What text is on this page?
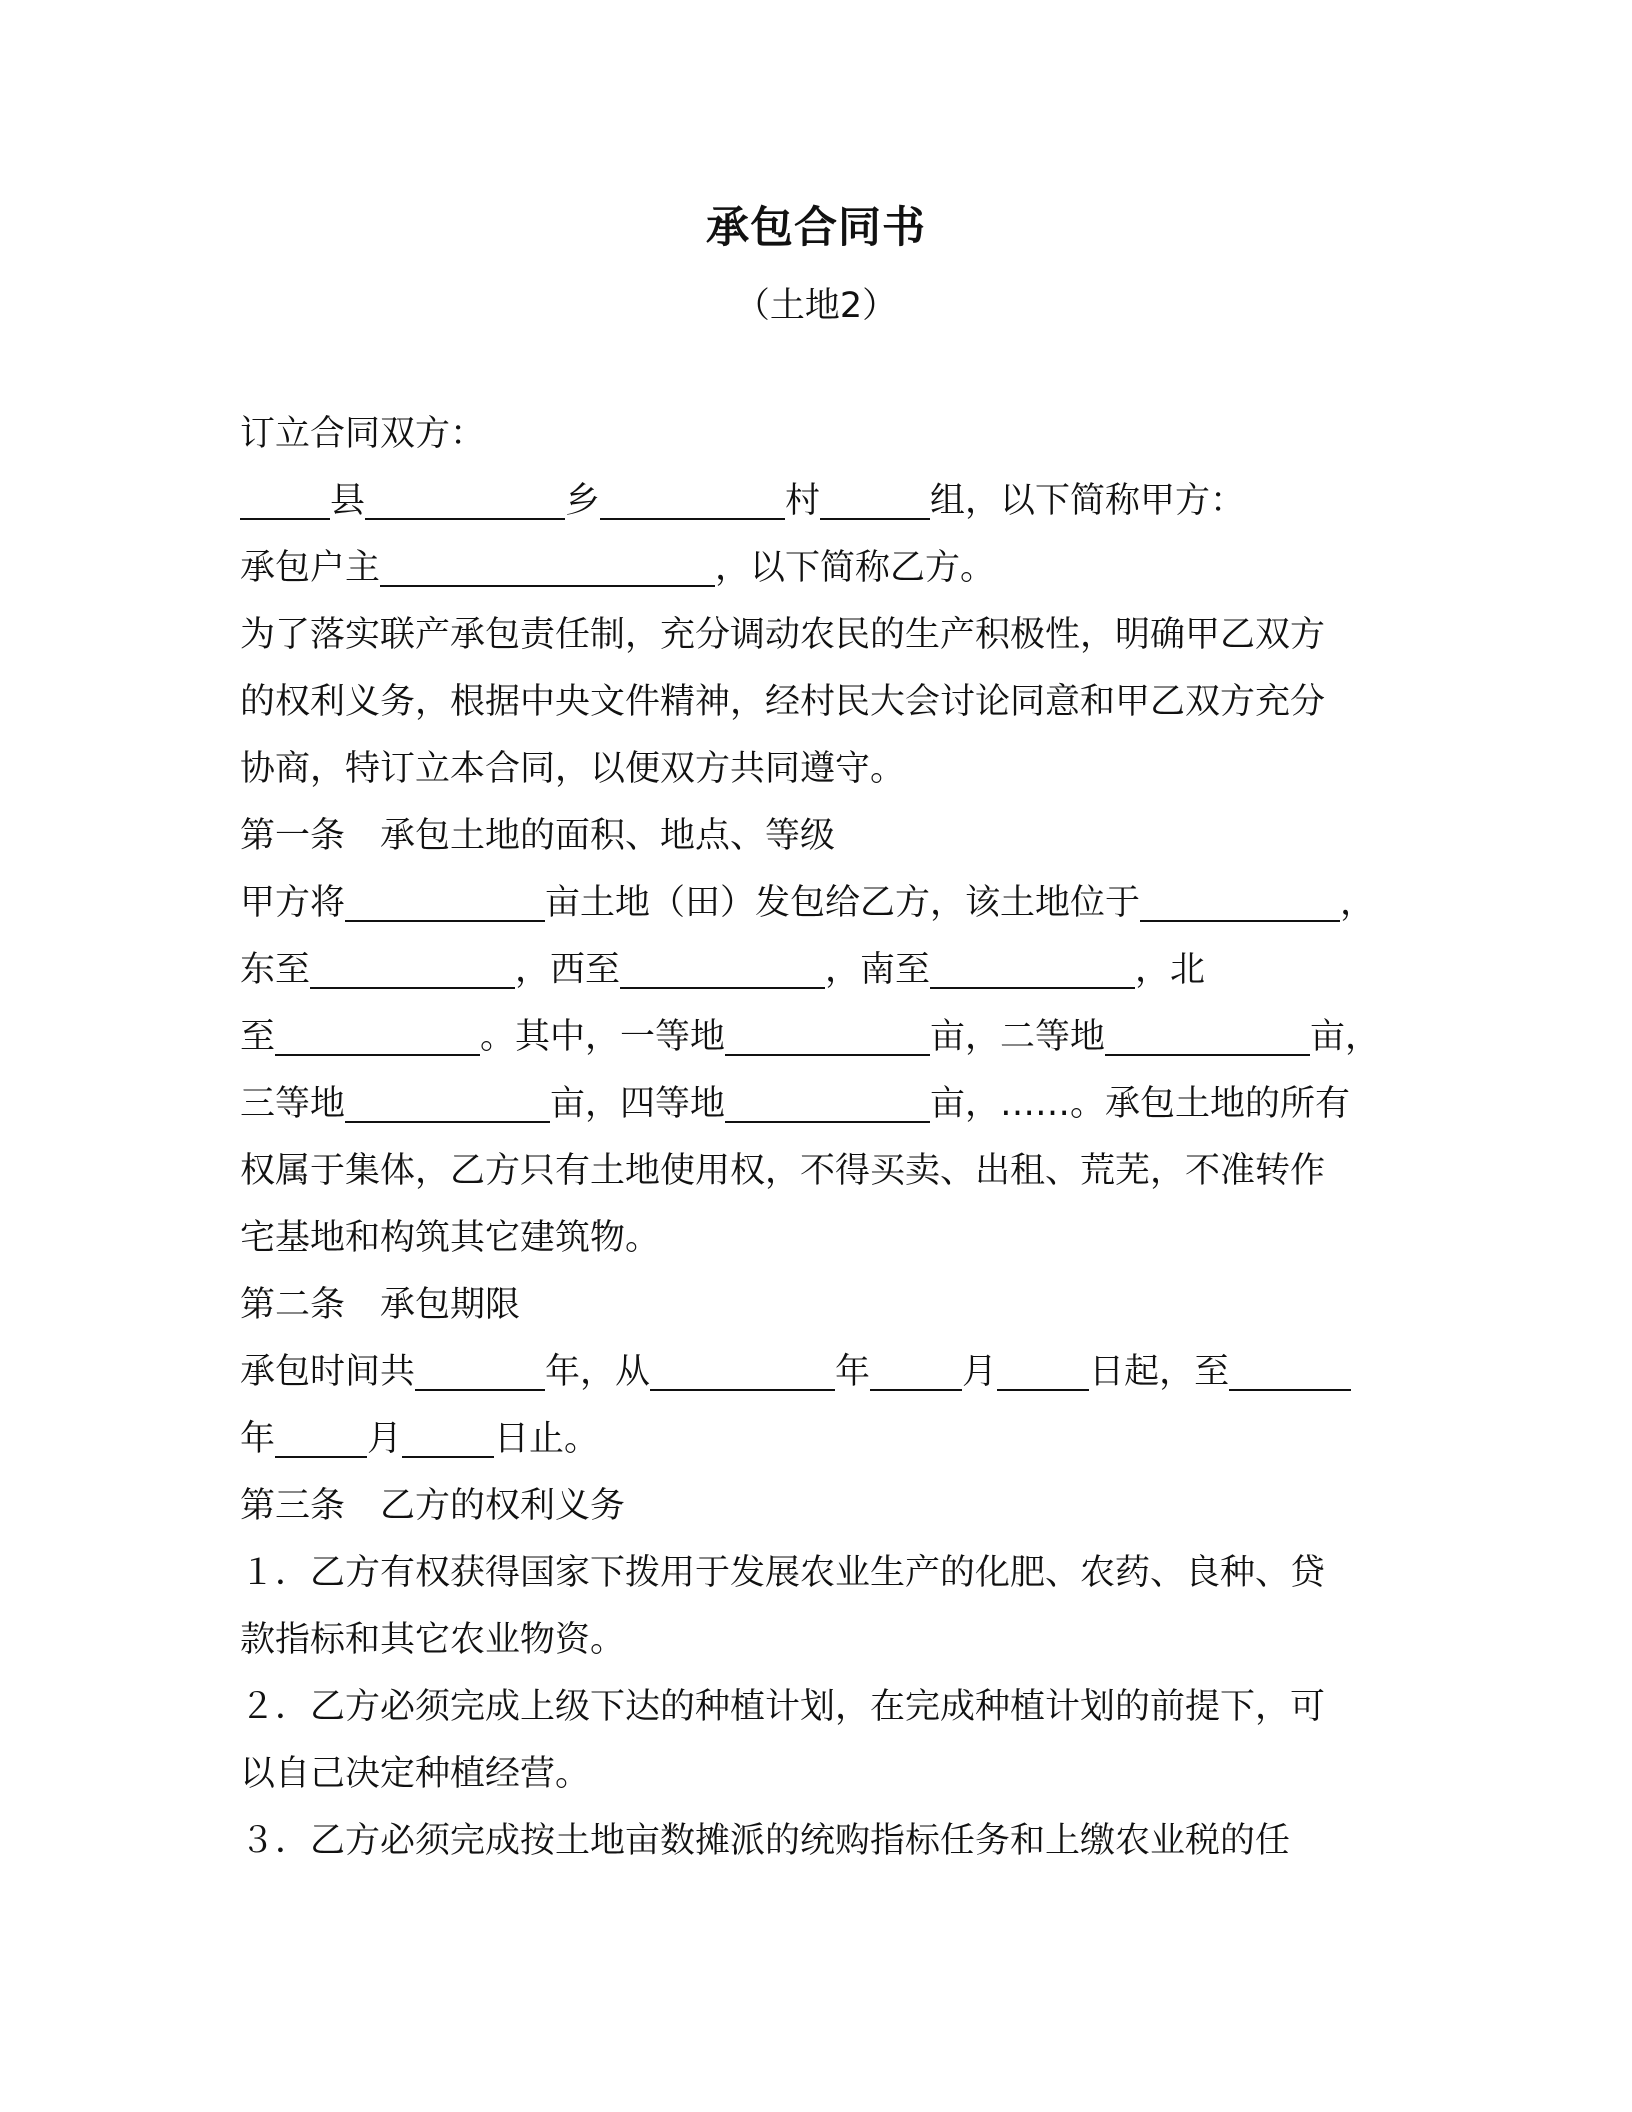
承包合同书
（土地2）
订立合同双方：
县	乡	村	组，以下简称甲方：
承包户主	，以下简称乙方。
为了落实联产承包责任制，充分调动农民的生产积极性，明确甲乙双方
的权利义务，根据中央文件精神，经村民大会讨论同意和甲乙双方充分
协商，特订立本合同，以便双方共同遵守。
第一条 承包土地的面积、地点、等级
甲方将	亩土地（田）发包给乙方，该土地位于	，
东至	，西至	，南至	，北
至	。其中，一等地	亩，二等地	亩，
三等地	亩，四等地	亩，……。承包土地的所有
权属于集体，乙方只有土地使用权，不得买卖、出租、荒芜，不准转作
宅基地和构筑其它建筑物。
第二条 承包期限
承包时间共	年，从	年	月	日起，至
年	月	日止。
第三条 乙方的权利义务
１．乙方有权获得国家下拨用于发展农业生产的化肥、农药、良种、贷
款指标和其它农业物资。
２．乙方必须完成上级下达的种植计划，在完成种植计划的前提下，可
以自己决定种植经营。
３．乙方必须完成按土地亩数摊派的统购指标任务和上缴农业税的任
